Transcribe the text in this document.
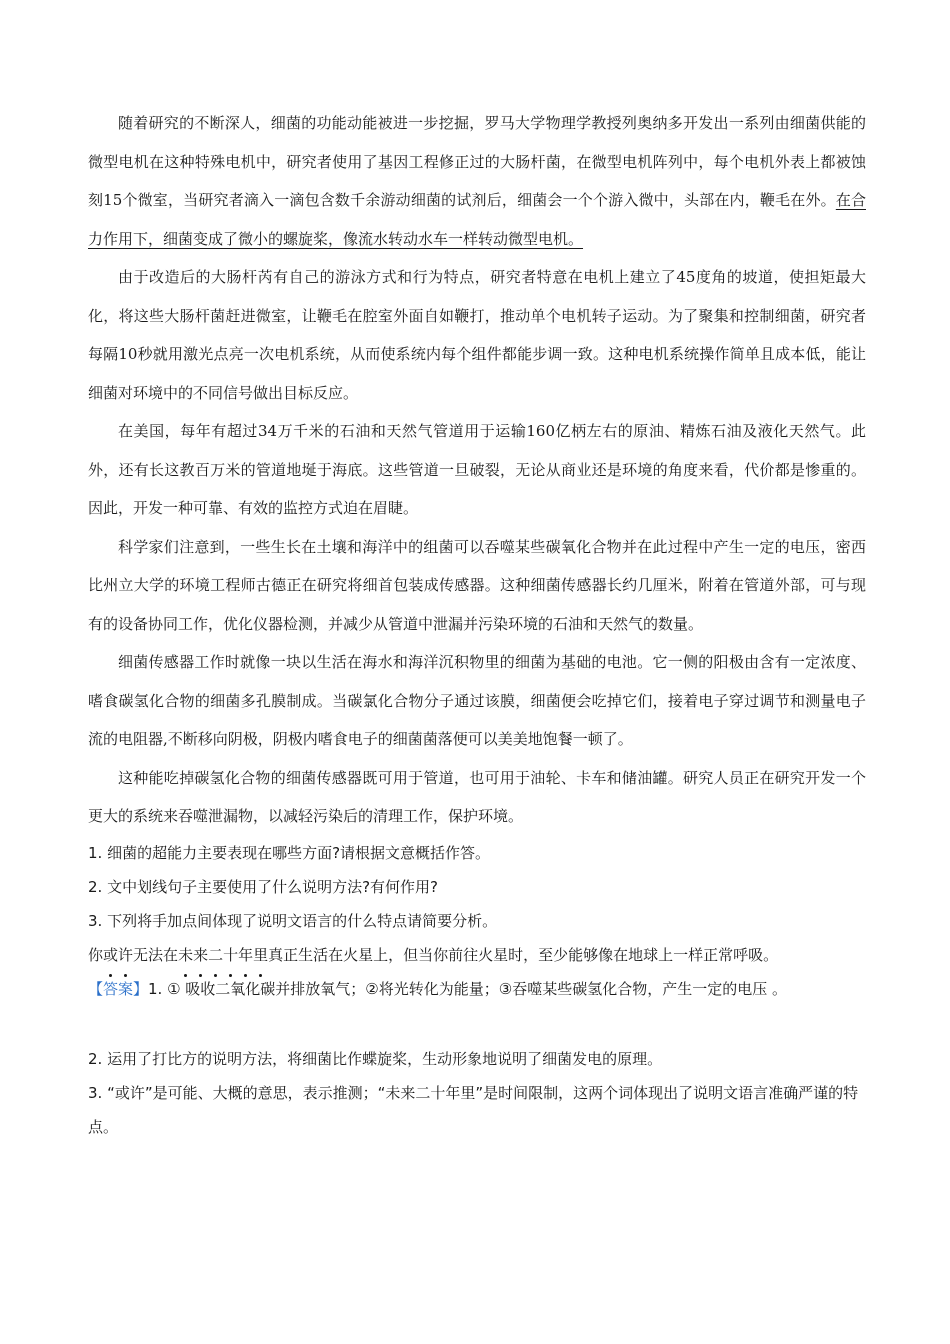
随着研究的不断深人，细菌的功能动能被进一步挖掘，罗马大学物理学教授列奥纳多开发出一系列由细菌供能的微型电机在这种特殊电机中，研究者使用了基因工程修正过的大肠杆菌，在微型电机阵列中，每个电机外表上都被蚀刻15个微室，当研究者滴入一滴包含数千余游动细菌的试剂后，细菌会一个个游入微中，头部在内，鞭毛在外。在合力作用下，细菌变成了微小的螺旋桨，像流水转动水车一样转动微型电机。

由于改造后的大肠杆芮有自己的游泳方式和行为特点，研究者特意在电机上建立了45度角的坡道，使担矩最大化，将这些大肠杆菌赶进微室，让鞭毛在腔室外面自如鞭打，推动单个电机转子运动。为了聚集和控制细菌，研究者每隔10秒就用激光点亮一次电机系统，从而使系统内每个组件都能步调一致。这种电机系统操作简单且成本低，能让细菌对环境中的不同信号做出目标反应。

在美国，每年有超过34万千米的石油和天然气管道用于运输160亿柄左右的原油、精炼石油及液化天然气。此外，还有长这教百万米的管道地埏于海底。这些管道一旦破裂，无论从商业还是环境的角度来看，代价都是惨重的。因此，开发一种可靠、有效的监控方式迫在眉睫。

科学家们注意到，一些生长在土壤和海洋中的组菌可以吞噬某些碳氧化合物并在此过程中产生一定的电压，密西比州立大学的环境工程师古德正在研究将细首包装成传感器。这种细菌传感器长约几厘米，附着在管道外部，可与现有的设备协同工作，优化仪器检测，并减少从管道中泄漏并污染环境的石油和天然气的数量。

细菌传感器工作时就像一块以生活在海水和海洋沉积物里的细菌为基础的电池。它一侧的阳极由含有一定浓度、嗜食碳氢化合物的细菌多孔膜制成。当碳氯化合物分子通过该膜，细菌便会吃掉它们，接着电子穿过调节和测量电子流的电阻器,不断移向阴极，阴极内嗜食电子的细菌菌落便可以美美地饱餐一顿了。

这种能吃掉碳氢化合物的细菌传感器既可用于管道，也可用于油轮、卡车和储油罐。研究人员正在研究开发一个更大的系统来吞噬泄漏物，以减轻污染后的清理工作，保护环境。

1. 细菌的超能力主要表现在哪些方面?请根据文意概括作答。

2. 文中划线句子主要使用了什么说明方法?有何作用?

3. 下列将手加点间体现了说明文语言的什么特点请简要分析。

你或许无法在未来二十年里真正生活在火星上，但当你前往火星时，至少能够像在地球上一样正常呼吸。

【答案】1. ① 吸收二氧化碳并排放氧气；②将光转化为能量；③吞噬某些碳氢化合物，产生一定的电压 。

2. 运用了打比方的说明方法，将细菌比作蝶旋桨，生动形象地说明了细菌发电的原理。

3. “或许”是可能、大概的意思，表示推测；“未来二十年里”是时间限制，这两个词体现出了说明文语言准确严谨的特点。
